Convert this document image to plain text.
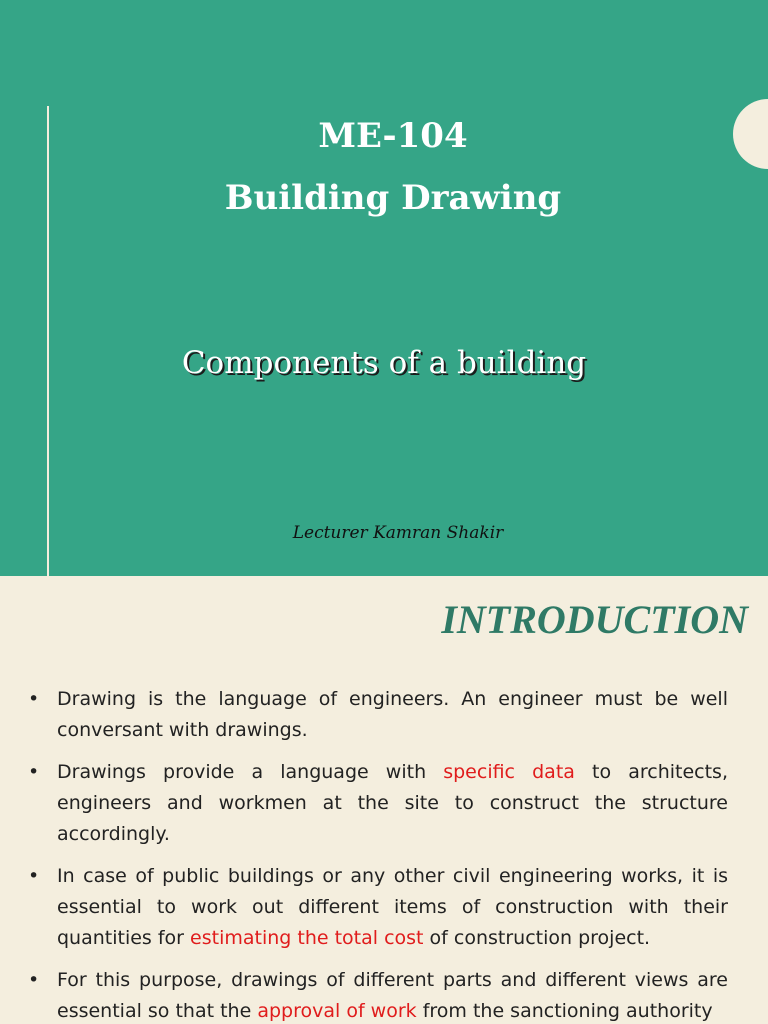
ME-104
Building Drawing
Components of a building
Lecturer Kamran Shakir
INTRODUCTION
• Drawing is the language of engineers. An engineer must be well conversant with drawings.
• Drawings provide a language with specific data to architects, engineers and workmen at the site to construct the structure accordingly.
• In case of public buildings or any other civil engineering works, it is essential to work out different items of construction with their quantities for estimating the total cost of construction project.
• For this purpose, drawings of different parts and different views are essential so that the approval of work from the sanctioning authority
